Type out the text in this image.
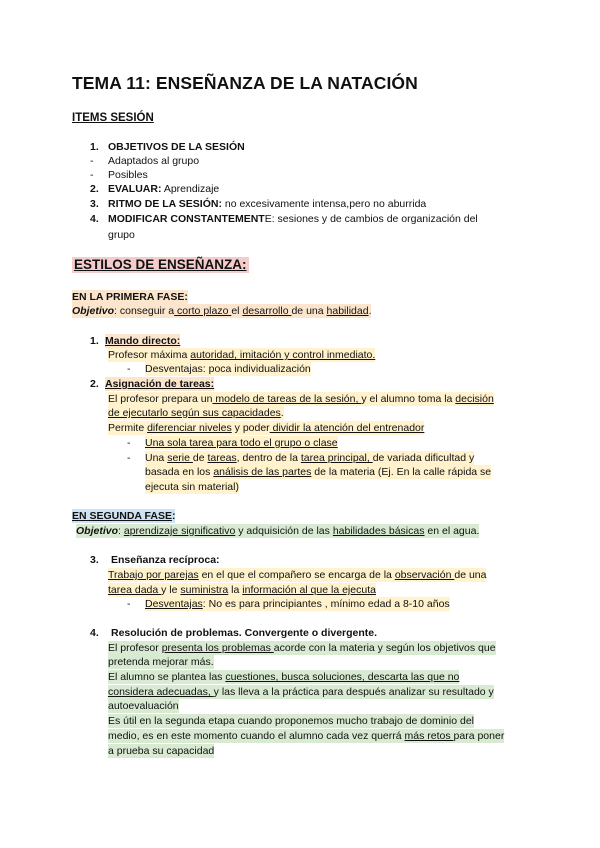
TEMA 11: ENSEÑANZA DE LA NATACIÓN
ITEMS SESIÓN
1. OBJETIVOS DE LA SESIÓN
- Adaptados al grupo
- Posibles
2. EVALUAR: Aprendizaje
3. RITMO DE LA SESIÓN: no excesivamente intensa,pero no aburrida
4. MODIFICAR CONSTANTEMENTE: sesiones y de cambios de organización del
grupo
ESTILOS DE ENSEÑANZA:
EN LA PRIMERA FASE:
Objetivo: conseguir a corto plazo el desarrollo de una habilidad.
1. Mando directo:
Profesor máxima autoridad, imitación y control inmediato.
- Desventajas: poca individualización
2. Asignación de tareas:
El profesor prepara un modelo de tareas de la sesión, y el alumno toma la decisión
de ejecutarlo según sus capacidades.
Permite diferenciar niveles y poder dividir la atención del entrenador
- Una sola tarea para todo el grupo o clase
- Una serie de tareas, dentro de la tarea principal, de variada dificultad y
basada en los análisis de las partes de la materia (Ej. En la calle rápida se
ejecuta sin material)
EN SEGUNDA FASE:
Objetivo: aprendizaje significativo y adquisición de las habilidades básicas en el agua.
3. Enseñanza recíproca:
Trabajo por parejas en el que el compañero se encarga de la observación de una
tarea dada y le suministra la información al que la ejecuta
- Desventajas: No es para principiantes , mínimo edad a 8-10 años
4. Resolución de problemas. Convergente o divergente.
El profesor presenta los problemas acorde con la materia y según los objetivos que
pretenda mejorar más.
El alumno se plantea las cuestiones, busca soluciones, descarta las que no
considera adecuadas, y las lleva a la práctica para después analizar su resultado y
autoevaluación
Es útil en la segunda etapa cuando proponemos mucho trabajo de dominio del
medio, es en este momento cuando el alumno cada vez querrá más retos para poner
a prueba su capacidad
